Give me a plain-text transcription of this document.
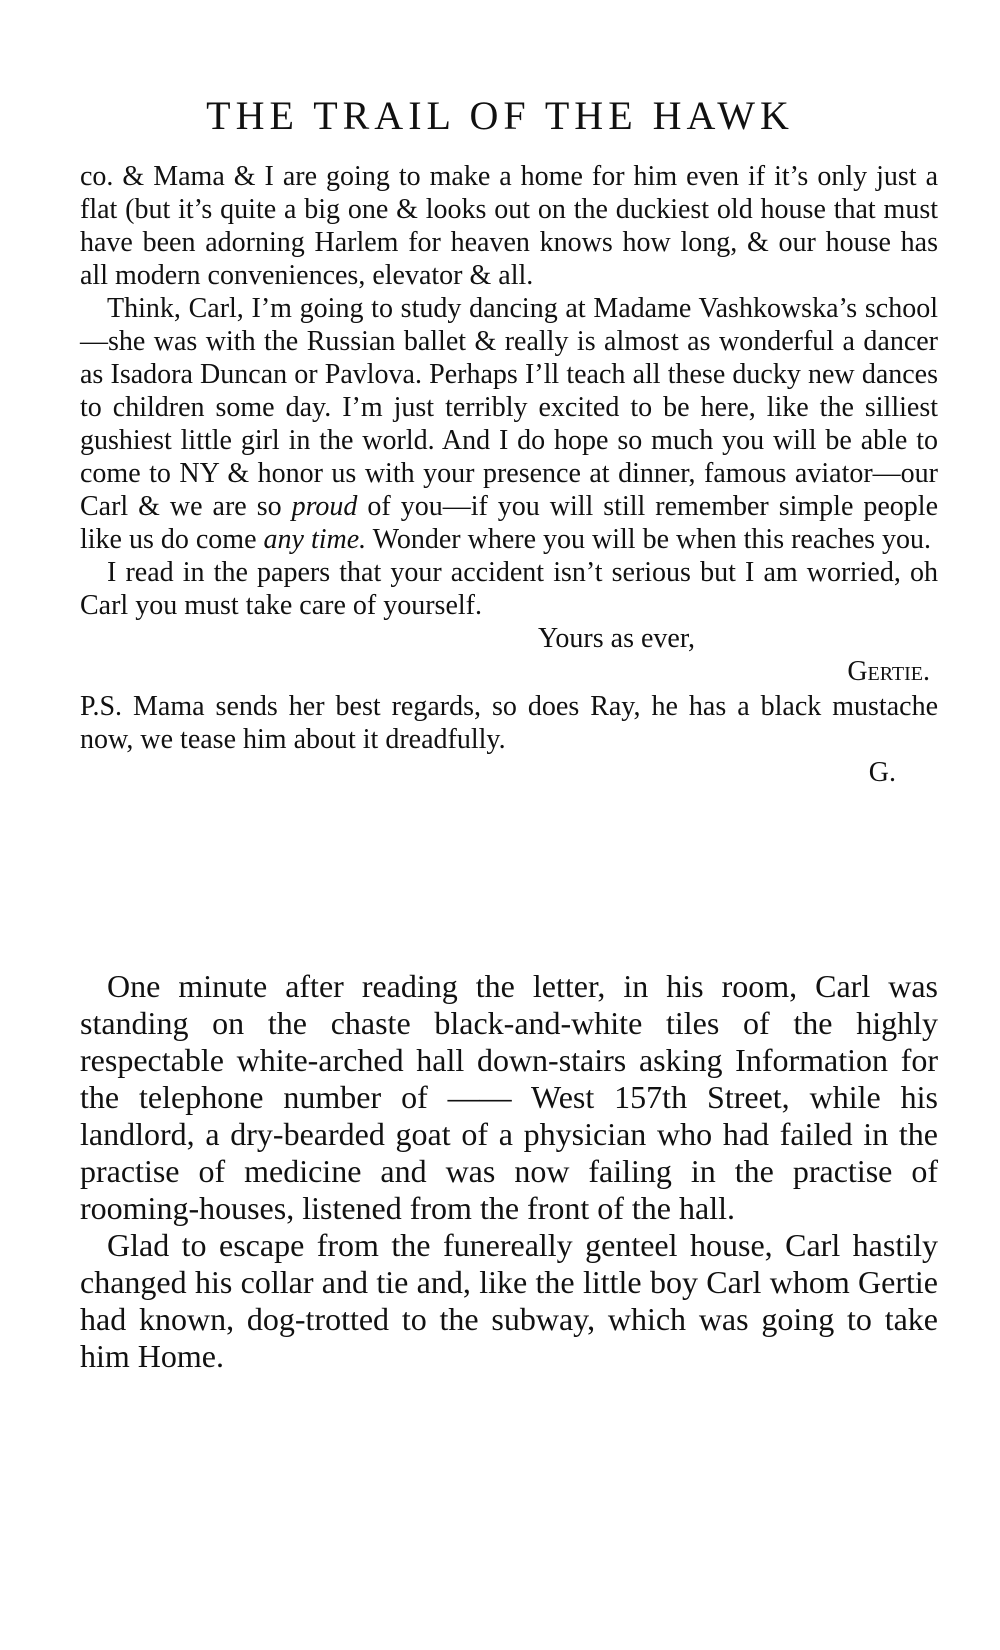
THE TRAIL OF THE HAWK

co. & Mama & I are going to make a home for him even if it’s only just a flat (but it’s quite a big one & looks out on the duckiest old house that must have been adorning Harlem for heaven knows how long, & our house has all modern conveniences, elevator & all.

Think, Carl, I’m going to study dancing at Madame Vashkowska’s school—she was with the Russian ballet & really is almost as wonderful a dancer as Isadora Duncan or Pavlova. Perhaps I’ll teach all these ducky new dances to children some day. I’m just terribly excited to be here, like the silliest gushiest little girl in the world. And I do hope so much you will be able to come to NY & honor us with your presence at dinner, famous aviator—our Carl & we are so proud of you—if you will still remember simple people like us do come any time. Wonder where you will be when this reaches you.

I read in the papers that your accident isn’t serious but I am worried, oh Carl you must take care of yourself.

Yours as ever,

Gertie.

P.S. Mama sends her best regards, so does Ray, he has a black mustache now, we tease him about it dreadfully.

G.

One minute after reading the letter, in his room, Carl was standing on the chaste black-and-white tiles of the highly respectable white-arched hall down-stairs asking Information for the telephone number of —— West 157th Street, while his landlord, a dry-bearded goat of a physician who had failed in the practise of medicine and was now failing in the practise of rooming-houses, listened from the front of the hall.

Glad to escape from the funereally genteel house, Carl hastily changed his collar and tie and, like the little boy Carl whom Gertie had known, dog-trotted to the subway, which was going to take him Home.
